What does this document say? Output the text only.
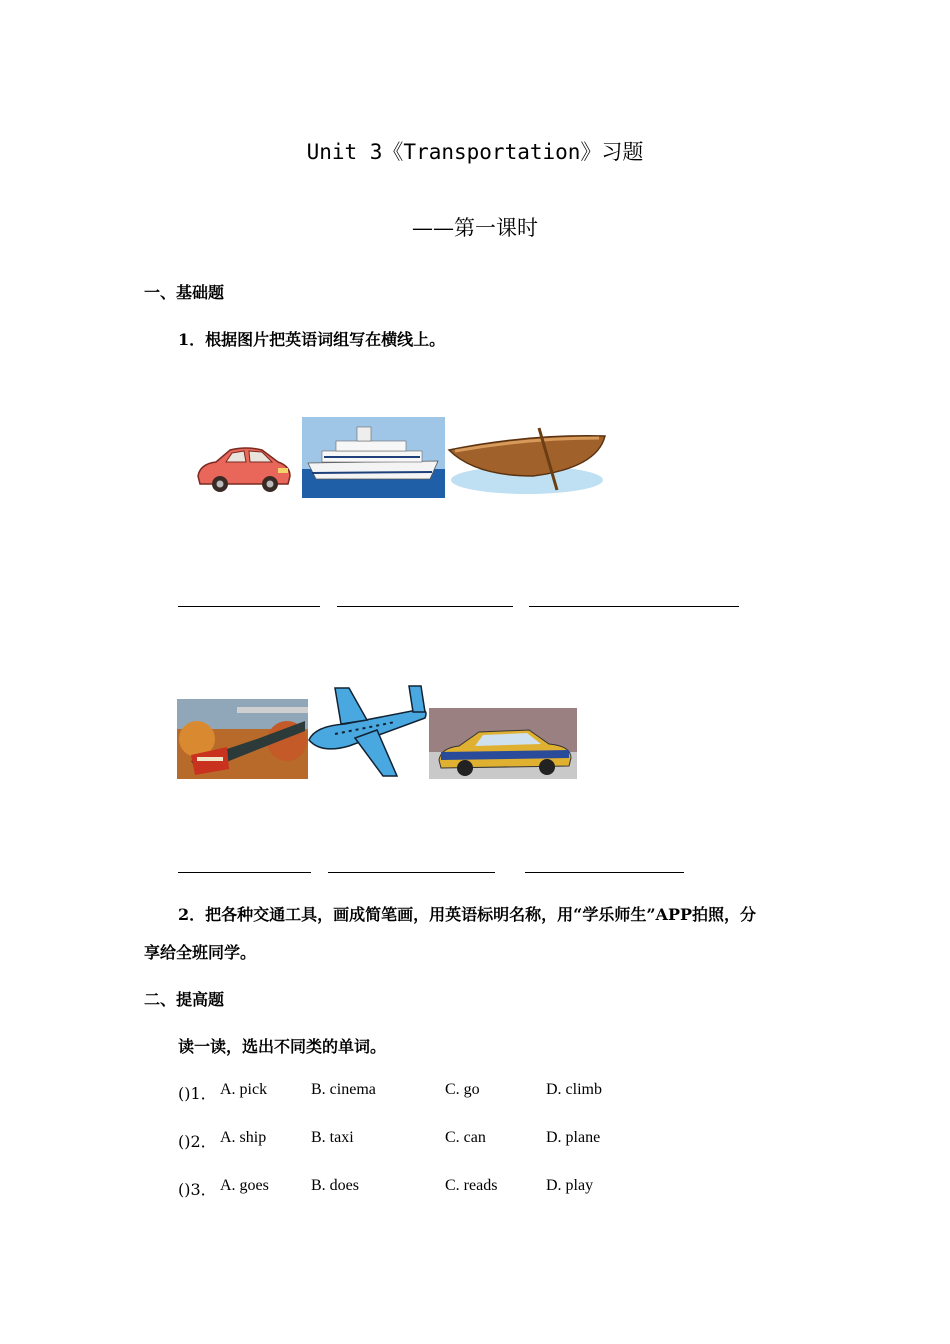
Unit 3《Transportation》习题
——第一课时
一、基础题
1．根据图片把英语词组写在横线上。
2．把各种交通工具，画成简笔画，用英语标明名称，用“学乐师生”APP拍照，分
享给全班同学。
二、提高题
读一读，选出不同类的单词。
()1． A. pick	B. cinema	C. go	D. climb
()2． A. ship	B. taxi	C. can	D. plane
()3． A. goes	B. does	C. reads	D. play
